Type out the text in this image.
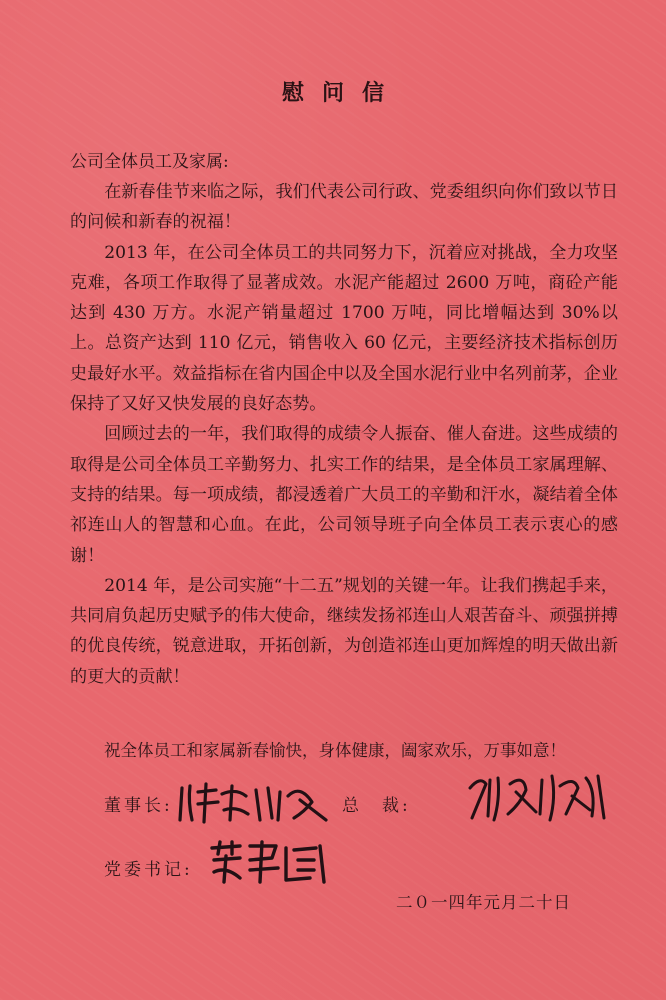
慰问信
公司全体员工及家属:

在新春佳节来临之际，我们代表公司行政、党委组织向你们致以节日的问候和新春的祝福！

2013 年，在公司全体员工的共同努力下，沉着应对挑战，全力攻坚克难，各项工作取得了显著成效。水泥产能超过 2600 万吨，商砼产能达到 430 万方。水泥产销量超过 1700 万吨，同比增幅达到 30%以上。总资产达到 110 亿元，销售收入 60 亿元，主要经济技术指标创历史最好水平。效益指标在省内国企中以及全国水泥行业中名列前茅，企业保持了又好又快发展的良好态势。

回顾过去的一年，我们取得的成绩令人振奋、催人奋进。这些成绩的取得是公司全体员工辛勤努力、扎实工作的结果，是全体员工家属理解、支持的结果。每一项成绩，都浸透着广大员工的辛勤和汗水，凝结着全体祁连山人的智慧和心血。在此，公司领导班子向全体员工表示衷心的感谢！

2014 年，是公司实施“十二五”规划的关键一年。让我们携起手来，共同肩负起历史赋予的伟大使命，继续发扬祁连山人艰苦奋斗、顽强拼搏的优良传统，锐意进取，开拓创新，为创造祁连山更加辉煌的明天做出新的更大的贡献！

祝全体员工和家属新春愉快，身体健康，阖家欢乐，万事如意！
董事长:	总　裁:
党委书记:
二０一四年元月二十日
